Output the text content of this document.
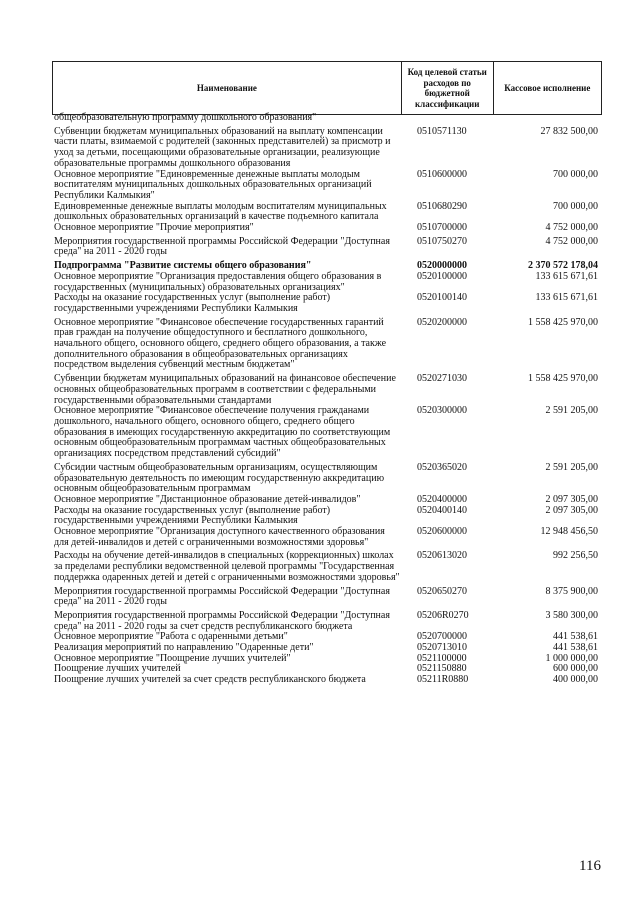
Наименование
Код целевой статьи расходов по бюджетной классификации
Кассовое исполнение
общеобразовательную программу дошкольного образования"
Субвенции бюджетам муниципальных образований на выплату компенсации части платы, взимаемой с родителей (законных представителей) за присмотр и уход за детьми, посещающими образовательные организации, реализующие образовательные программы дошкольного образования
0510571130	27 832 500,00
Основное мероприятие "Единовременные денежные выплаты молодым воспитателям муниципальных дошкольных образовательных организаций Республики Калмыкия"
0510600000	700 000,00
Единовременные денежные выплаты молодым воспитателям муниципальных дошкольных образовательных организаций в качестве подъемного капитала
0510680290	700 000,00
Основное мероприятие "Прочие мероприятия"	0510700000	4 752 000,00
Мероприятия государственной программы Российской Федерации "Доступная среда" на 2011 - 2020 годы
0510750270	4 752 000,00
Подпрограмма "Развитие системы общего образования"	0520000000	2 370 572 178,04
Основное мероприятие "Организация предоставления общего образования в государственных (муниципальных) образовательных организациях"
0520100000	133 615 671,61
Расходы на оказание государственных услуг (выполнение работ) государственными учреждениями Республики Калмыкия
0520100140	133 615 671,61
Основное мероприятие "Финансовое обеспечение государственных гарантий прав граждан на получение общедоступного и бесплатного дошкольного, начального общего, основного общего, среднего общего образования, а также дополнительного образования в общеобразовательных организациях посредством выделения субвенций местным бюджетам"
0520200000	1 558 425 970,00
Субвенции бюджетам муниципальных образований на финансовое обеспечение основных общеобразовательных программ в соответствии с федеральными государственными образовательными стандартами
0520271030	1 558 425 970,00
Основное мероприятие "Финансовое обеспечение получения гражданами дошкольного, начального общего, основного общего, среднего общего образования в имеющих государственную аккредитацию по соответствующим основным общеобразовательным программам частных общеобразовательных организациях посредством представлений субсидий"
0520300000	2 591 205,00
Субсидии частным общеобразовательным организациям, осуществляющим образовательную деятельность по имеющим государственную аккредитацию основным общеобразовательным программам
0520365020	2 591 205,00
Основное мероприятие "Дистанционное образование детей-инвалидов"	0520400000	2 097 305,00
Расходы на оказание государственных услуг (выполнение работ) государственными учреждениями Республики Калмыкия
0520400140	2 097 305,00
Основное мероприятие "Организация доступного качественного образования для детей-инвалидов и детей с ограниченными возможностями здоровья"
0520600000	12 948 456,50
Расходы на обучение детей-инвалидов в специальных (коррекционных) школах за пределами республики ведомственной целевой программы "Государственная поддержка одаренных детей и детей с ограниченными возможностями здоровья"
0520613020	992 256,50
Мероприятия государственной программы Российской Федерации "Доступная среда" на 2011 - 2020 годы
0520650270	8 375 900,00
Мероприятия государственной программы Российской Федерации "Доступная среда" на 2011 - 2020 годы за счет средств республиканского бюджета
05206R0270	3 580 300,00
Основное мероприятие "Работа с одаренными детьми"	0520700000	441 538,61
Реализация мероприятий по направлению "Одаренные дети"	0520713010	441 538,61
Основное мероприятие "Поощрение лучших учителей"	0521100000	1 000 000,00
Поощрение лучших учителей	0521150880	600 000,00
Поощрение лучших учителей за счет средств республиканского бюджета	05211R0880	400 000,00
116
